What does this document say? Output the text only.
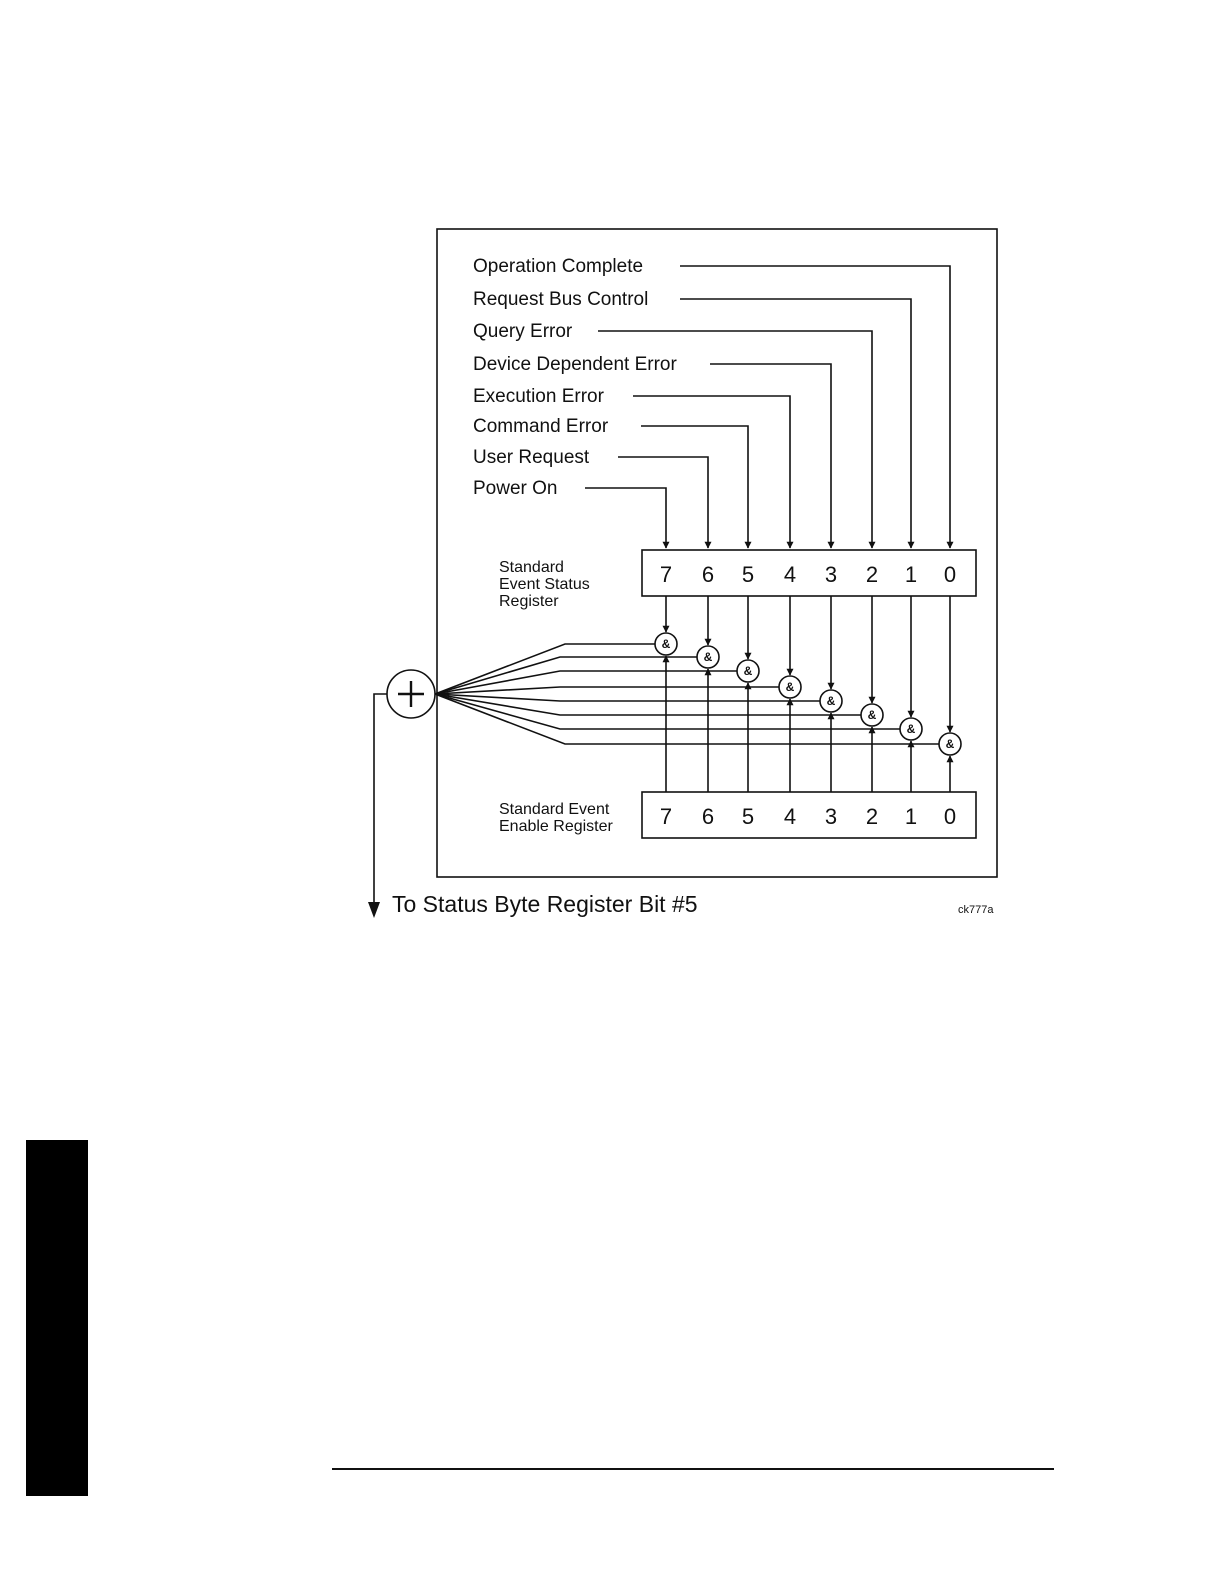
Operation Complete
Request Bus Control
Query Error
Device Dependent Error
Execution Error
Command Error
User Request
Power On
Standard
Event Status
Register
7 6 5 4 3 2 1 0
Standard Event
Enable Register 7 6 5 4 3 2 1 0
&
&
&
&
&
&
&
&
To Status Byte Register Bit #5	ck777a
